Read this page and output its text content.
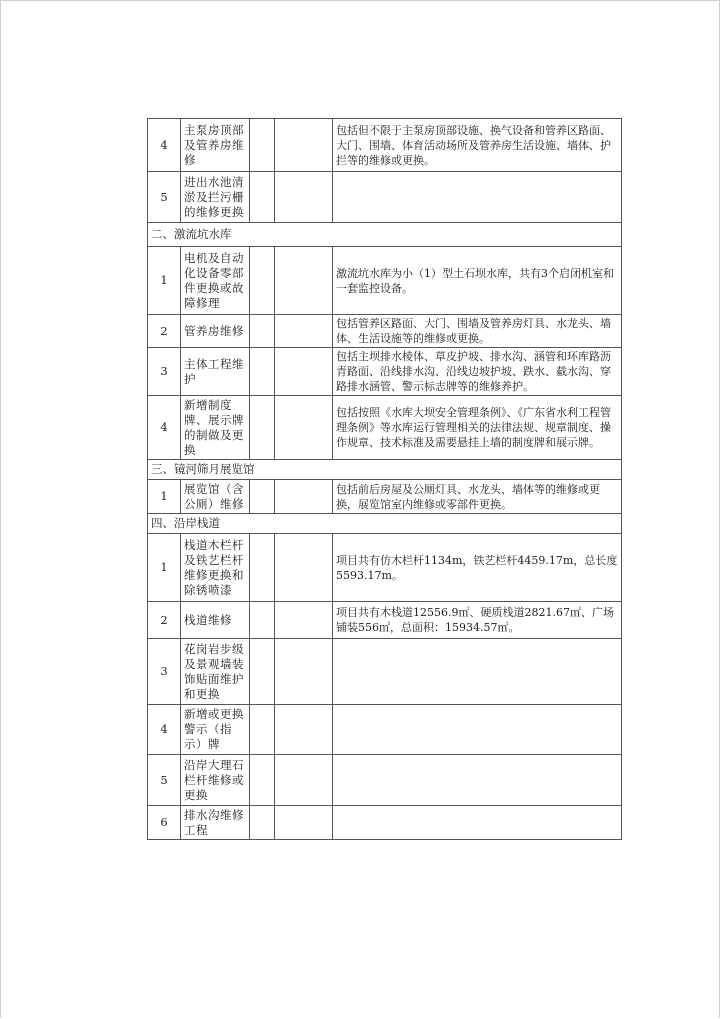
4	主泵房顶部及管养房维修			包括但不限于主泵房顶部设施、换气设备和管养区路面、大门、围墙、体育活动场所及管养房生活设施、墙体、护拦等的维修或更换。
5	进出水池清淤及拦污栅的维修更换			
二、激流坑水库				
1	电机及自动化设备零部件更换或故障修理			激流坑水库为小（1）型土石坝水库，共有3个启闭机室和一套监控设备。
2	管养房维修			包括管养区路面、大门、围墙及管养房灯具、水龙头、墙体、生活设施等的维修或更换。
3	主体工程维护			包括主坝排水棱体、草皮护坡、排水沟、涵管和环库路沥青路面、沿线排水沟、沿线边坡护坡、跌水、截水沟、穿路排水涵管、警示标志牌等的维修养护。
4	新增制度牌、展示牌的制做及更换			包括按照《水库大坝安全管理条例》、《广东省水利工程管理条例》等水库运行管理相关的法律法规、规章制度、操作规章、技术标准及需要悬挂上墙的制度牌和展示牌。
三、镜河筛月展览馆				
1	展览馆（含公厕）维修			包括前后房屋及公厕灯具、水龙头、墙体等的维修或更换，展览馆室内维修或零部件更换。
四、沿岸栈道				
1	栈道木栏杆及铁艺栏杆维修更换和除锈喷漆			项目共有仿木栏杆1134m，铁艺栏杆4459.17m，总长度5593.17m。
2	栈道维修			项目共有木栈道12556.9㎡、硬质栈道2821.67㎡、广场铺装556㎡，总面积：15934.57㎡。
3	花岗岩步级及景观墙装饰贴面维护和更换			
4	新增或更换警示（指示）牌			
5	沿岸大理石栏杆维修或更换			
6	排水沟维修工程			
